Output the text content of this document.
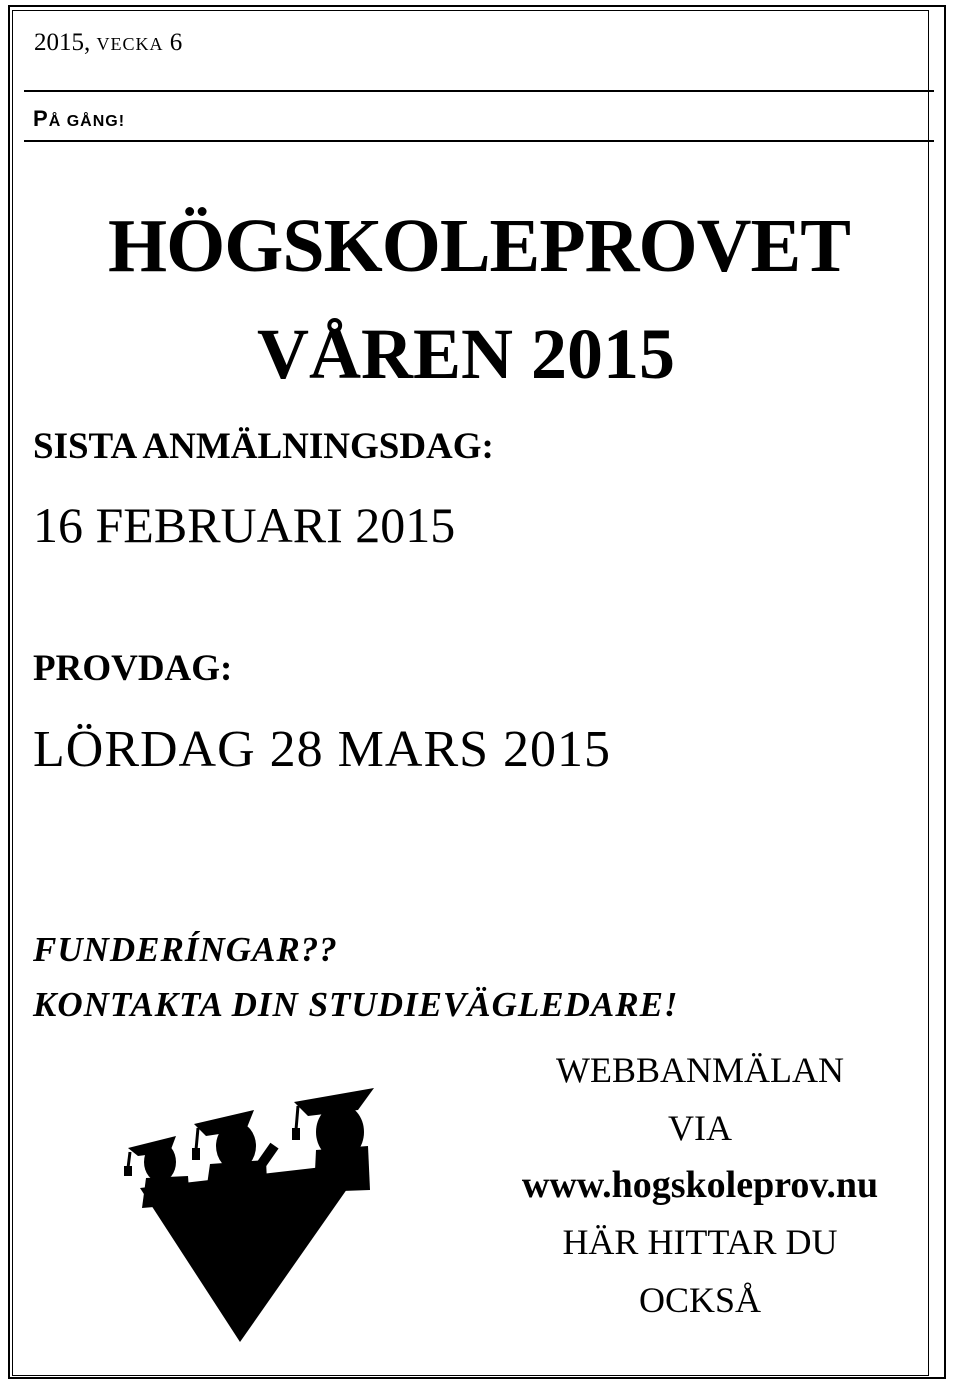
2015, VECKA 6
PÅ GÅNG!
HÖGSKOLEPROVET
VÅREN 2015
SISTA ANMÄLNINGSDAG:
16 FEBRUARI 2015
PROVDAG:
LÖRDAG 28 MARS 2015
FUNDERÍNGAR??
KONTAKTA DIN STUDIEVÄGLEDARE!
WEBBANMÄLAN
VIA
www.hogskoleprov.nu
HÄR HITTAR DU
OCKSÅ
